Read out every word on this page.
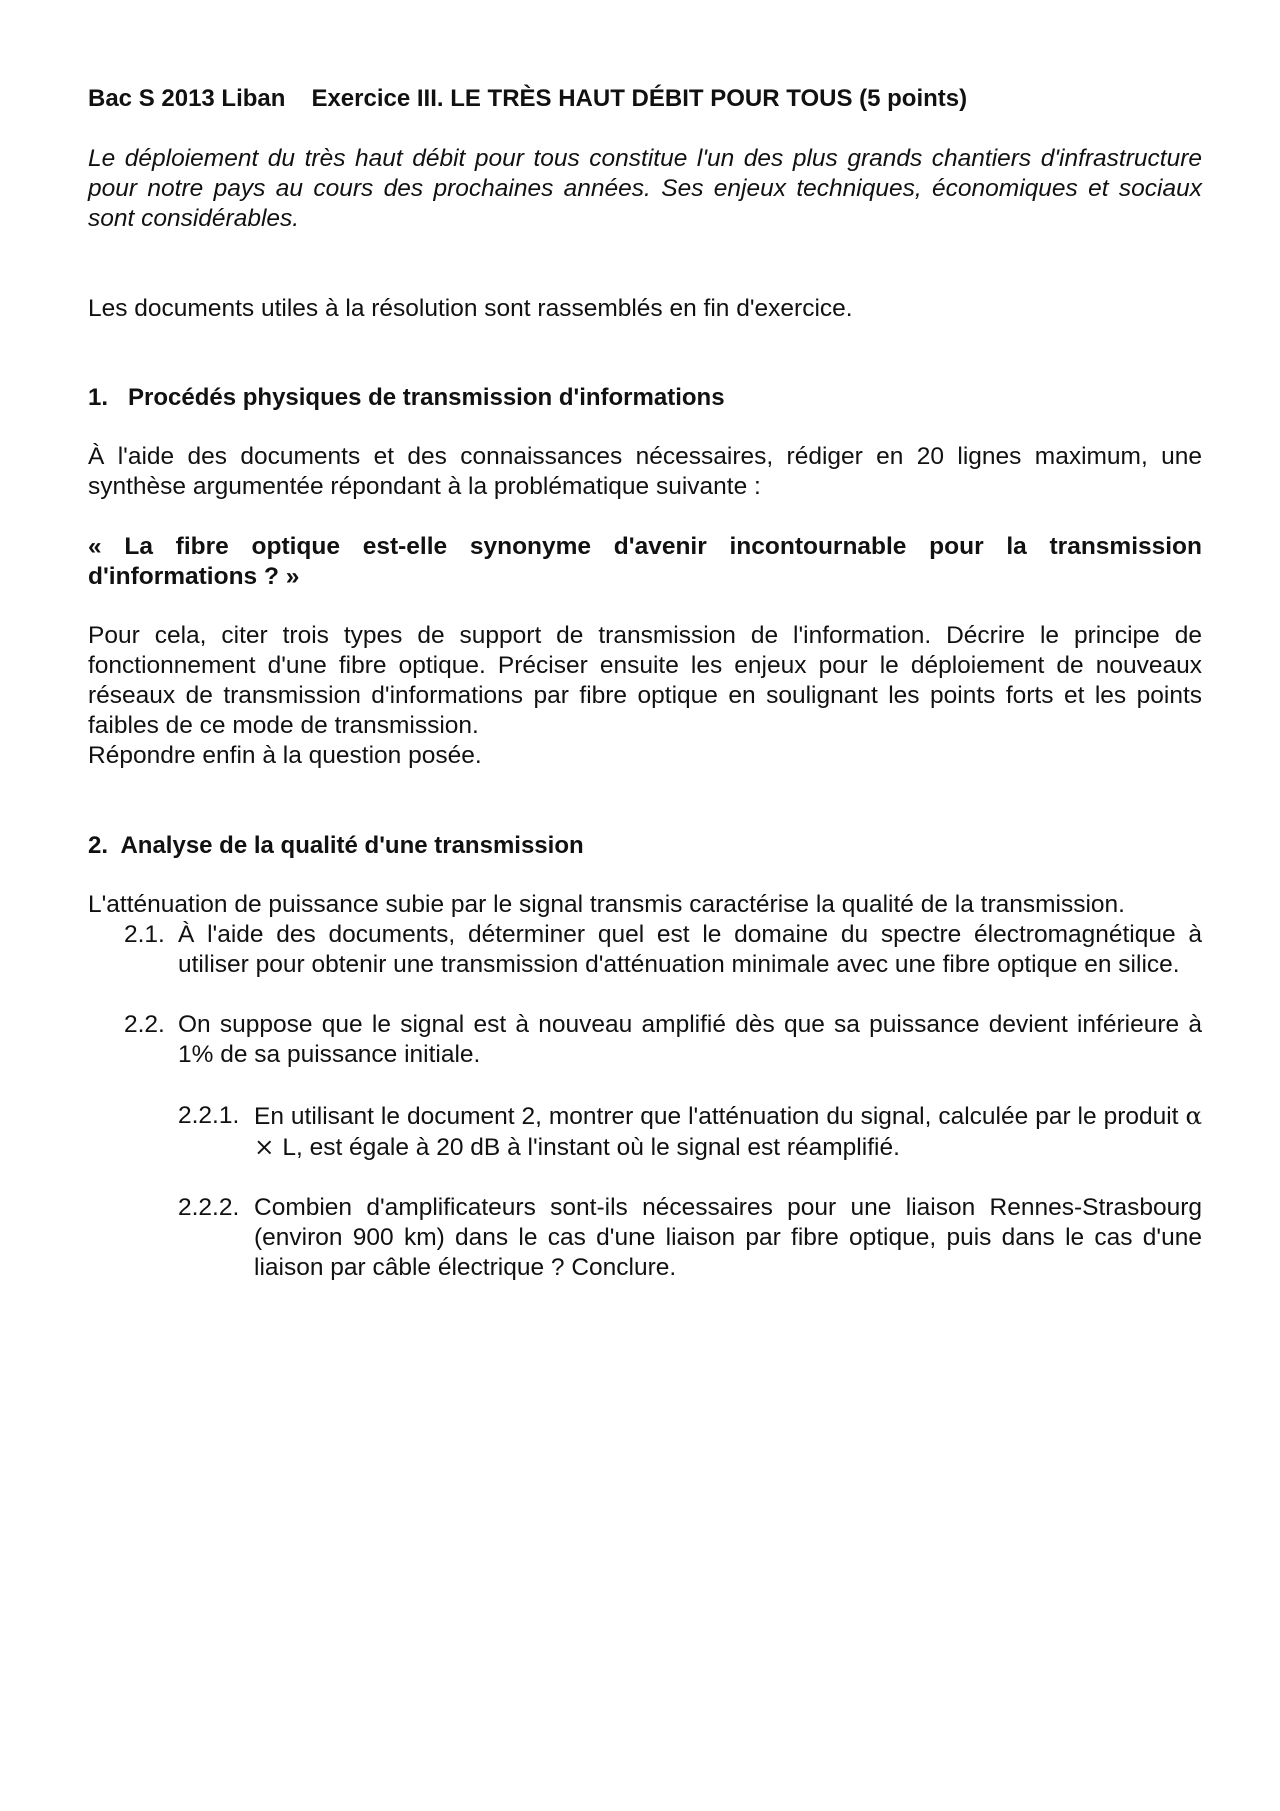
Bac S 2013 Liban Exercice III. LE TRÈS HAUT DÉBIT POUR TOUS (5 points)

Le déploiement du très haut débit pour tous constitue l'un des plus grands chantiers d'infrastructure pour notre pays au cours des prochaines années. Ses enjeux techniques, économiques et sociaux sont considérables.

Les documents utiles à la résolution sont rassemblés en fin d'exercice.

1.   Procédés physiques de transmission d'informations

À l'aide des documents et des connaissances nécessaires, rédiger en 20 lignes maximum, une synthèse argumentée répondant à la problématique suivante :

« La fibre optique est-elle synonyme d'avenir incontournable pour la transmission d'informations ? »

Pour cela, citer trois types de support de transmission de l'information. Décrire le principe de fonctionnement d'une fibre optique. Préciser ensuite les enjeux pour le déploiement de nouveaux réseaux de transmission d'informations par fibre optique en soulignant les points forts et les points faibles de ce mode de transmission.

Répondre enfin à la question posée.

2.  Analyse de la qualité d'une transmission

L'atténuation de puissance subie par le signal transmis caractérise la qualité de la transmission.

2.1. À l'aide des documents, déterminer quel est le domaine du spectre électromagnétique à utiliser pour obtenir une transmission d'atténuation minimale avec une fibre optique en silice.
2.2. On suppose que le signal est à nouveau amplifié dès que sa puissance devient inférieure à 1% de sa puissance initiale.
2.2.1. En utilisant le document 2, montrer que l'atténuation du signal, calculée par le produit α × L, est égale à 20 dB à l'instant où le signal est réamplifié.
2.2.2. Combien d'amplificateurs sont-ils nécessaires pour une liaison Rennes-Strasbourg (environ 900 km) dans le cas d'une liaison par fibre optique, puis dans le cas d'une liaison par câble électrique ? Conclure.
